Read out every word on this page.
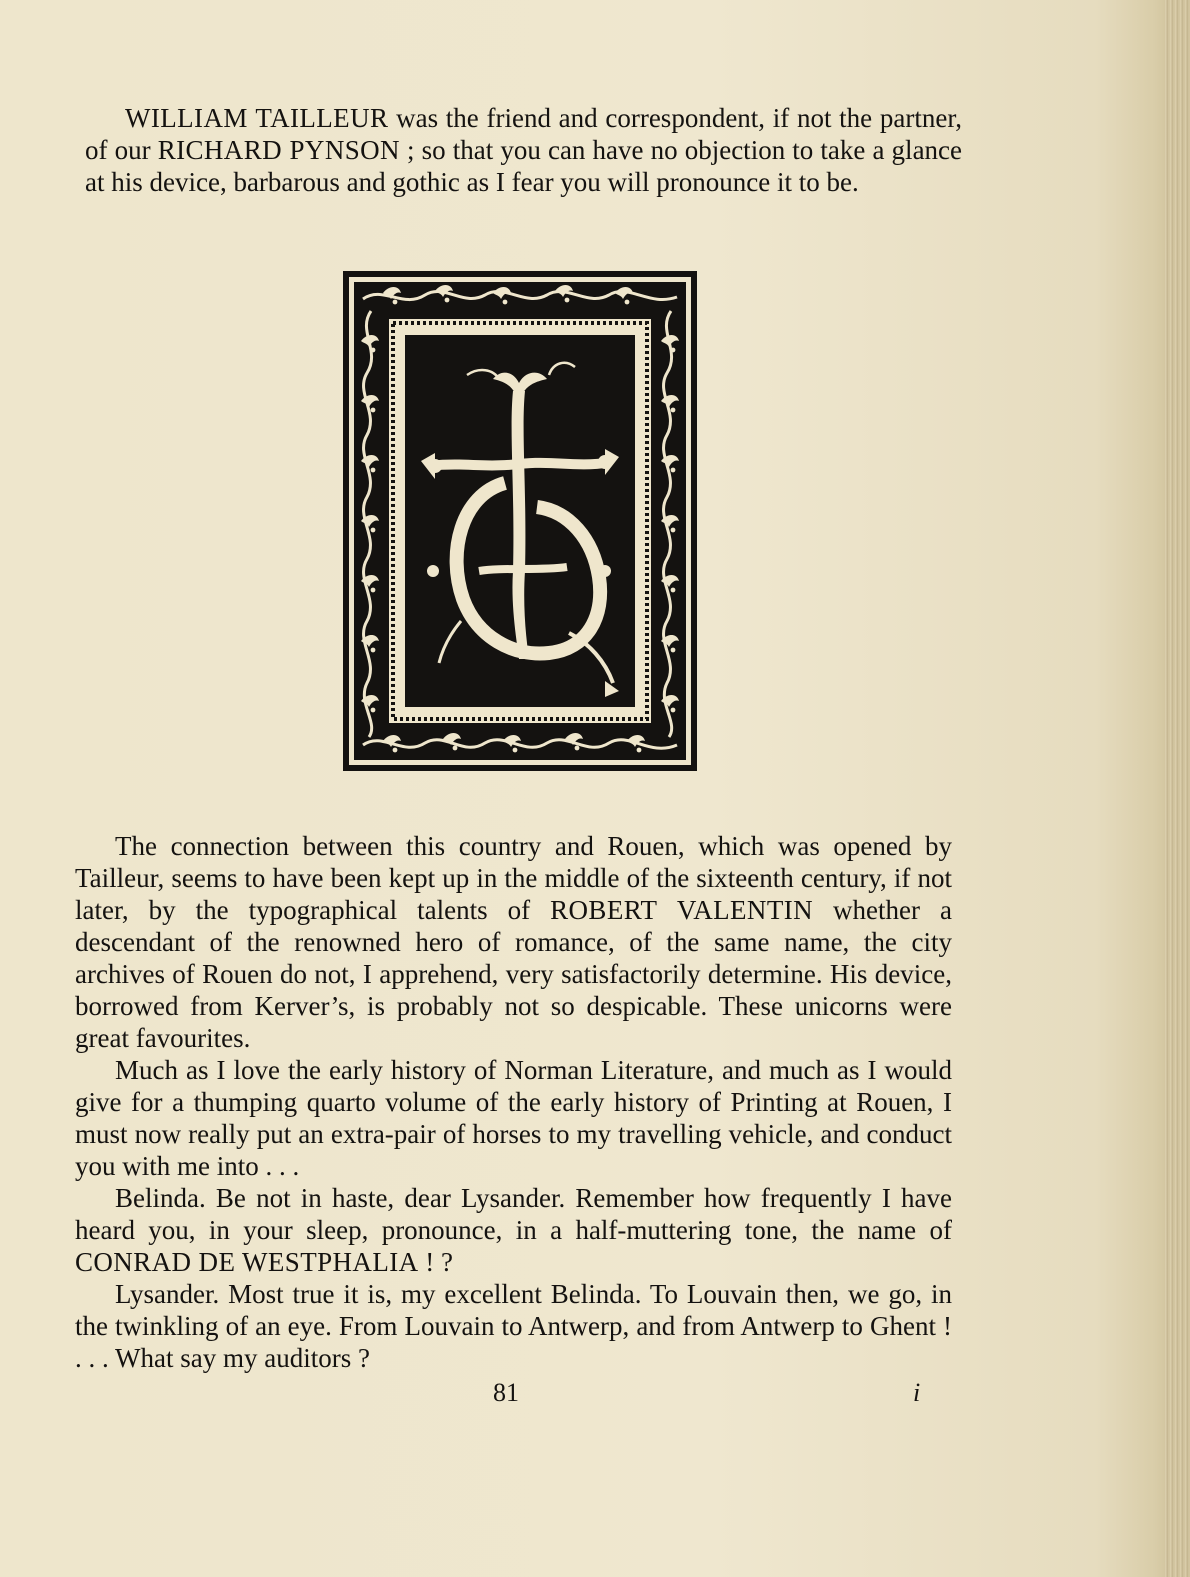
WILLIAM TAILLEUR was the friend and correspondent, if not the partner, of our RICHARD PYNSON ; so that you can have no objection to take a glance at his device, barbarous and gothic as I fear you will pronounce it to be.

The connection between this country and Rouen, which was opened by Tailleur, seems to have been kept up in the middle of the sixteenth century, if not later, by the typographical talents of ROBERT VALENTIN whether a descendant of the renowned hero of romance, of the same name, the city archives of Rouen do not, I apprehend, very satisfactorily determine. His device, borrowed from Kerver’s, is probably not so despicable. These unicorns were great favourites.

Much as I love the early history of Norman Literature, and much as I would give for a thumping quarto volume of the early history of Printing at Rouen, I must now really put an extra-pair of horses to my travelling vehicle, and conduct you with me into . . .

Belinda. Be not in haste, dear Lysander. Remember how frequently I have heard you, in your sleep, pronounce, in a half-muttering tone, the name of CONRAD DE WESTPHALIA ! ?

Lysander. Most true it is, my excellent Belinda. To Louvain then, we go, in the twinkling of an eye. From Louvain to Antwerp, and from Antwerp to Ghent ! . . . What say my auditors ?

81	i
